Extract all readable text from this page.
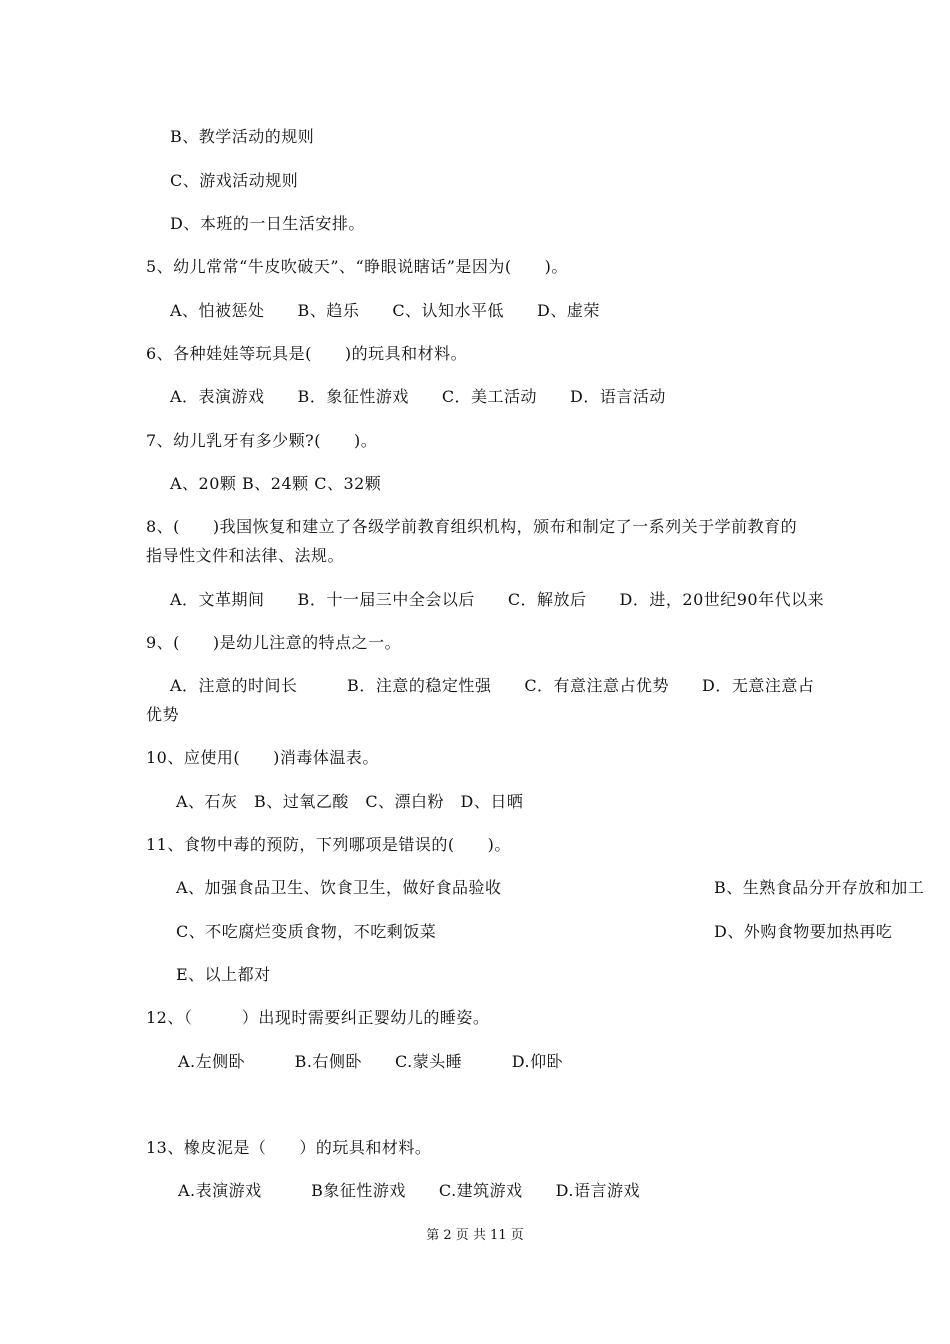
B、教学活动的规则
C、游戏活动规则
D、本班的一日生活安排。
5、幼儿常常“牛皮吹破天”、“睁眼说瞎话”是因为(　　)。
A、怕被惩处　　B、趋乐　　C、认知水平低　　D、虚荣
6、各种娃娃等玩具是(　　)的玩具和材料。
A．表演游戏　　B．象征性游戏　　C．美工活动　　D．语言活动
7、幼儿乳牙有多少颗?(　　)。
A、20颗 B、24颗 C、32颗
8、(　　)我国恢复和建立了各级学前教育组织机构，颁布和制定了一系列关于学前教育的
指导性文件和法律、法规。
A．文革期间　　B．十一届三中全会以后　　C．解放后　　D．进，20世纪90年代以来
9、(　　)是幼儿注意的特点之一。
A．注意的时间长　　　B．注意的稳定性强　　C．有意注意占优势　　D．无意注意占
优势
10、应使用(　　)消毒体温表。
A、石灰　B、过氧乙酸　C、漂白粉　D、日晒
11、食物中毒的预防，下列哪项是错误的(　　)。
A、加强食品卫生、饮食卫生，做好食品验收	B、生熟食品分开存放和加工
C、不吃腐烂变质食物，不吃剩饭菜	D、外购食物要加热再吃
E、以上都对
12、（　　　）出现时需要纠正婴幼儿的睡姿。
A.左侧卧　　　B.右侧卧　　C.蒙头睡　　　D.仰卧
13、橡皮泥是（　　）的玩具和材料。
A.表演游戏　　　B象征性游戏　　C.建筑游戏　　D.语言游戏
第 2 页 共 11 页
